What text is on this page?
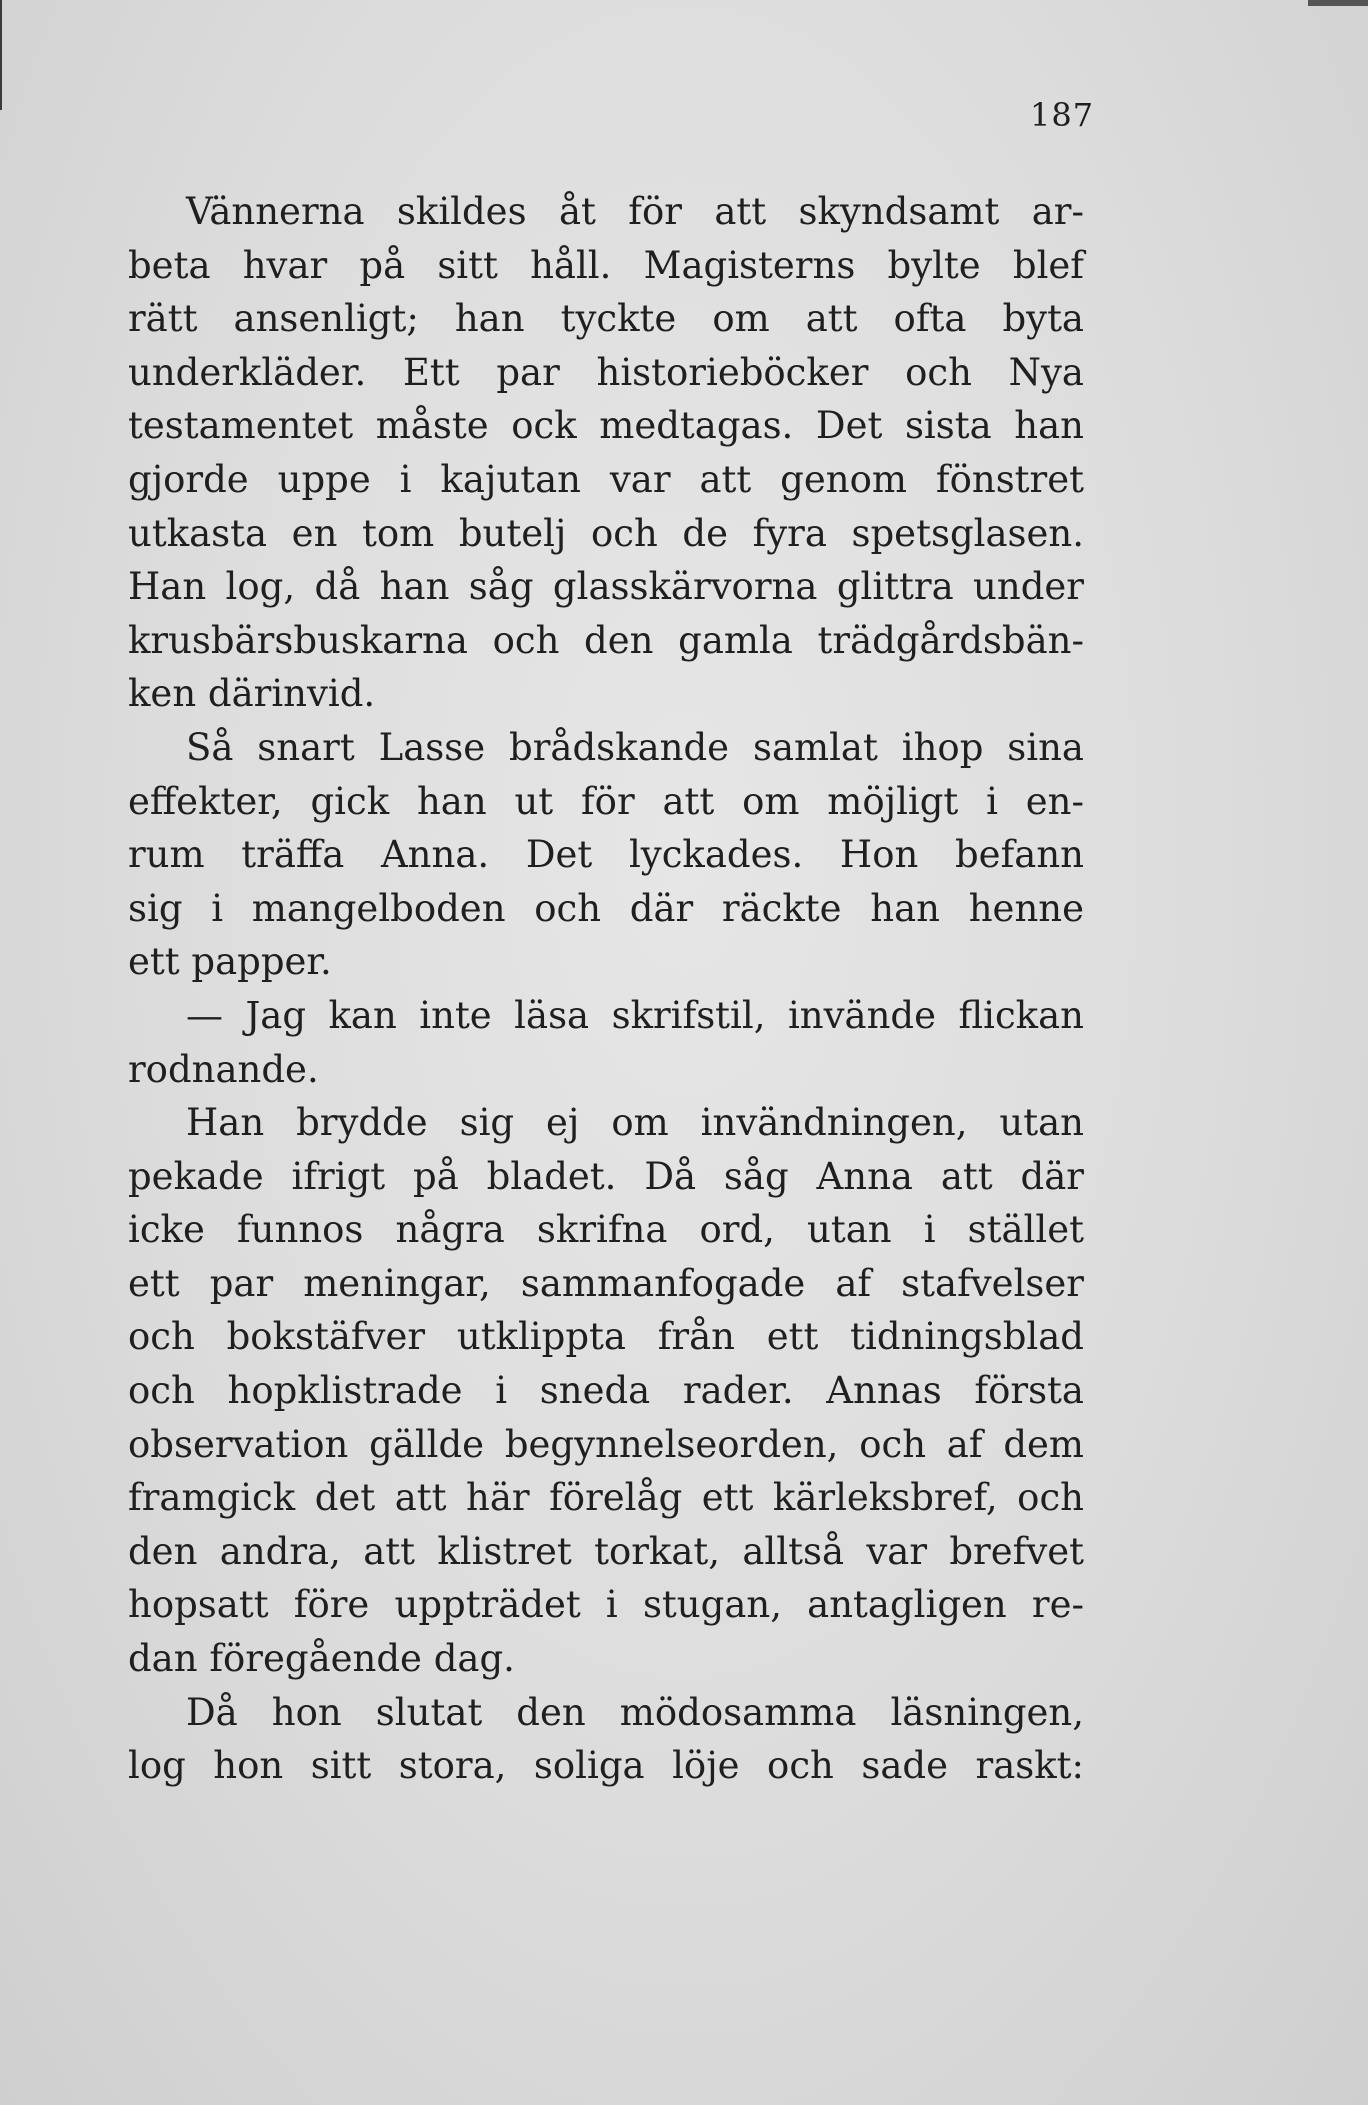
187
Vännerna skildes åt för att skyndsamt ar-
beta hvar på sitt håll. Magisterns bylte blef
rätt ansenligt; han tyckte om att ofta byta
underkläder. Ett par historieböcker och Nya
testamentet måste ock medtagas. Det sista han
gjorde uppe i kajutan var att genom fönstret
utkasta en tom butelj och de fyra spetsglasen.
Han log, då han såg glasskärvorna glittra under
krusbärsbuskarna och den gamla trädgårdsbän-
ken därinvid.
Så snart Lasse brådskande samlat ihop sina
effekter, gick han ut för att om möjligt i en-
rum träffa Anna. Det lyckades. Hon befann
sig i mangelboden och där räckte han henne
ett papper.
— Jag kan inte läsa skrifstil, invände flickan
rodnande.
Han brydde sig ej om invändningen, utan
pekade ifrigt på bladet. Då såg Anna att där
icke funnos några skrifna ord, utan i stället
ett par meningar, sammanfogade af stafvelser
och bokstäfver utklippta från ett tidningsblad
och hopklistrade i sneda rader. Annas första
observation gällde begynnelseorden, och af dem
framgick det att här förelåg ett kärleksbref, och
den andra, att klistret torkat, alltså var brefvet
hopsatt före uppträdet i stugan, antagligen re-
dan föregående dag.
Då hon slutat den mödosamma läsningen,
log hon sitt stora, soliga löje och sade raskt:
